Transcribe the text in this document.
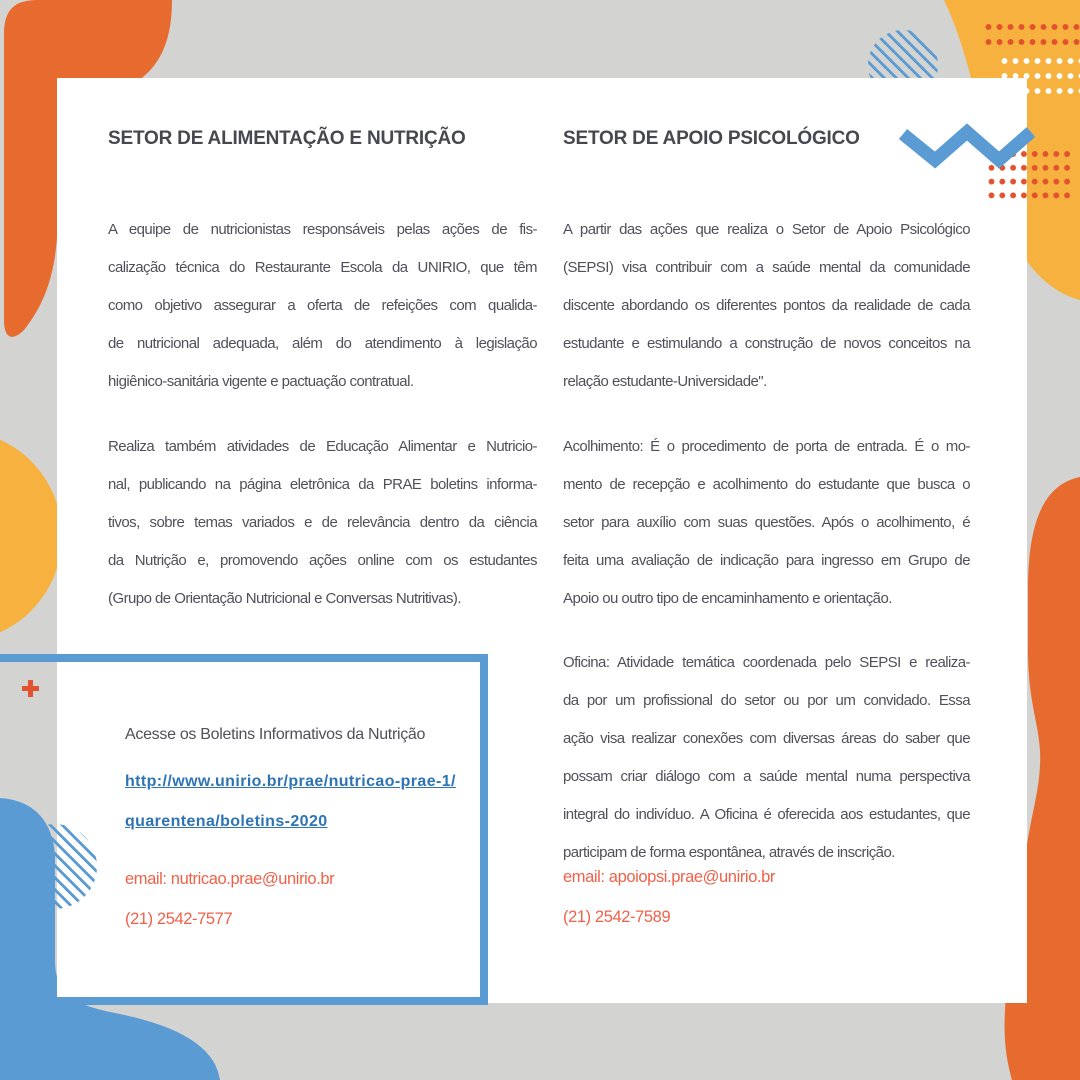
SETOR DE ALIMENTAÇÃO E NUTRIÇÃO
A equipe de nutricionistas responsáveis pelas ações de fis-
calização técnica do Restaurante Escola da UNIRIO, que têm
como objetivo assegurar a oferta de refeições com qualida-
de nutricional adequada, além do atendimento à legislação
higiênico-sanitária vigente e pactuação contratual.
Realiza também atividades de Educação Alimentar e Nutricio-
nal, publicando na página eletrônica da PRAE boletins informa-
tivos, sobre temas variados e de relevância dentro da ciência
da Nutrição e, promovendo ações online com os estudantes
(Grupo de Orientação Nutricional e Conversas Nutritivas).
Acesse os Boletins Informativos da Nutrição
http://www.unirio.br/prae/nutricao-prae-1/
quarentena/boletins-2020
email: nutricao.prae@unirio.br
(21) 2542-7577
SETOR DE APOIO PSICOLÓGICO
A partir das ações que realiza o Setor de Apoio Psicológico
(SEPSI) visa contribuir com a saúde mental da comunidade
discente abordando os diferentes pontos da realidade de cada
estudante e estimulando a construção de novos conceitos na
relação estudante-Universidade".
Acolhimento: É o procedimento de porta de entrada. É o mo-
mento de recepção e acolhimento do estudante que busca o
setor para auxílio com suas questões. Após o acolhimento, é
feita uma avaliação de indicação para ingresso em Grupo de
Apoio ou outro tipo de encaminhamento e orientação.
Oficina: Atividade temática coordenada pelo SEPSI e realiza-
da por um profissional do setor ou por um convidado. Essa
ação visa realizar conexões com diversas áreas do saber que
possam criar diálogo com a saúde mental numa perspectiva
integral do indivíduo. A Oficina é oferecida aos estudantes, que
participam de forma espontânea, através de inscrição.
email: apoiopsi.prae@unirio.br
(21) 2542-7589
